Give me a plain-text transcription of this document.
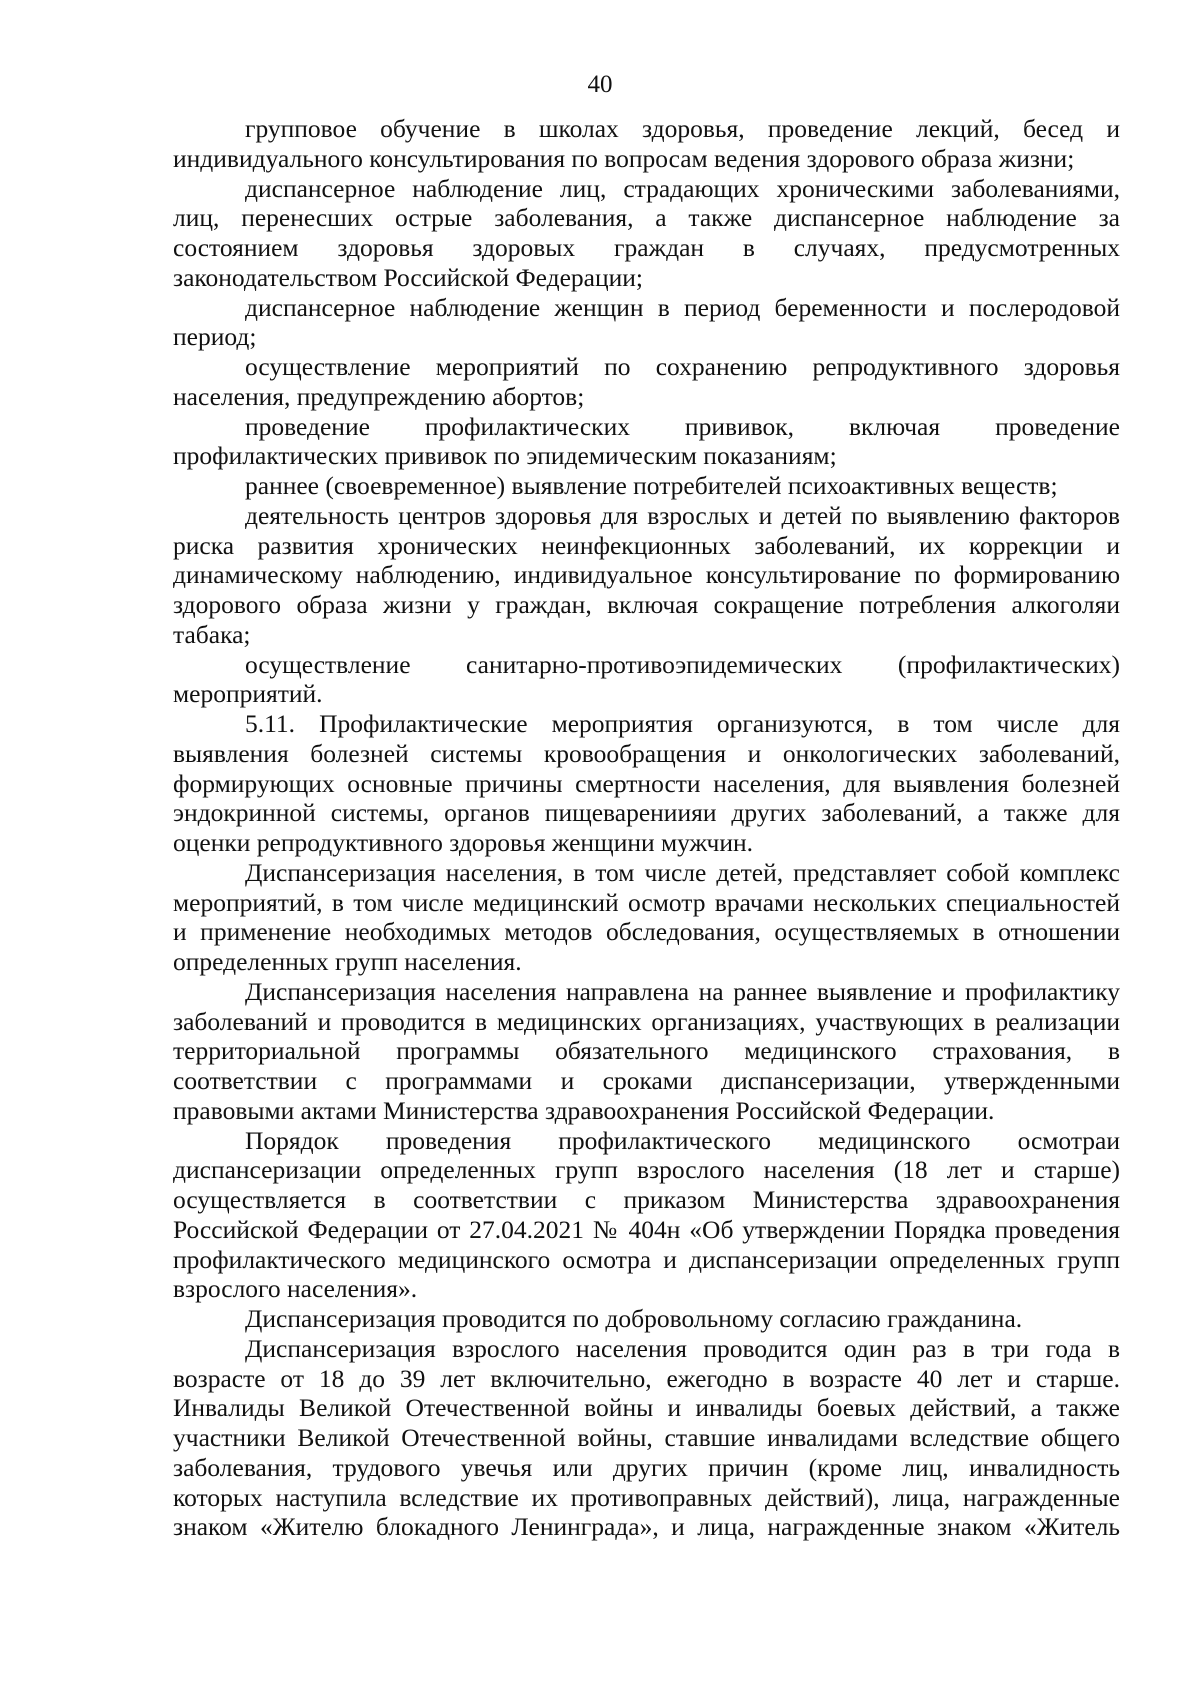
40

групповое обучение в школах здоровья, проведение лекций, бесед и
индивидуального консультирования по вопросам ведения здорового образа жизни;

диспансерное наблюдение лиц, страдающих хроническими заболеваниями,
лиц, перенесших острые заболевания, а также диспансерное наблюдение за
состоянием здоровья здоровых граждан в случаях, предусмотренных
законодательством Российской Федерации;

диспансерное наблюдение женщин в период беременности и послеродовой
период;

осуществление мероприятий по сохранению репродуктивного здоровья
населения, предупреждению абортов;

проведение профилактических прививок, включая проведение
профилактических прививок по эпидемическим показаниям;

раннее (своевременное) выявление потребителей психоактивных веществ;

деятельность центров здоровья для взрослых и детей по выявлению факторов
риска развития хронических неинфекционных заболеваний, их коррекции и
динамическому наблюдению, индивидуальное консультирование по формированию
здорового образа жизни у граждан, включая сокращение потребления алкоголяи
табака;

осуществление санитарно-противоэпидемических (профилактических)
мероприятий.

5.11. Профилактические мероприятия организуются, в том числе для
выявления болезней системы кровообращения и онкологических заболеваний,
формирующих основные причины смертности населения, для выявления болезней
эндокринной системы, органов пищеварениияи других заболеваний, а также для
оценки репродуктивного здоровья женщини мужчин.

Диспансеризация населения, в том числе детей, представляет собой комплекс
мероприятий, в том числе медицинский осмотр врачами нескольких специальностей
и применение необходимых методов обследования, осуществляемых в отношении
определенных групп населения.

Диспансеризация населения направлена на раннее выявление и профилактику
заболеваний и проводится в медицинских организациях, участвующих в реализации
территориальной программы обязательного медицинского страхования, в
соответствии с программами и сроками диспансеризации, утвержденными
правовыми актами Министерства здравоохранения Российской Федерации.

Порядок проведения профилактического медицинского осмотраи
диспансеризации определенных групп взрослого населения (18 лет и старше)
осуществляется в соответствии с приказом Министерства здравоохранения
Российской Федерации от 27.04.2021 № 404н «Об утверждении Порядка проведения
профилактического медицинского осмотра и диспансеризации определенных групп
взрослого населения».

Диспансеризация проводится по добровольному согласию гражданина.

Диспансеризация взрослого населения проводится один раз в три года в
возрасте от 18 до 39 лет включительно, ежегодно в возрасте 40 лет и старше.
Инвалиды Великой Отечественной войны и инвалиды боевых действий, а также
участники Великой Отечественной войны, ставшие инвалидами вследствие общего
заболевания, трудового увечья или других причин (кроме лиц, инвалидность
которых наступила вследствие их противоправных действий), лица, награжденные
знаком «Жителю блокадного Ленинграда», и лица, награжденные знаком «Житель
